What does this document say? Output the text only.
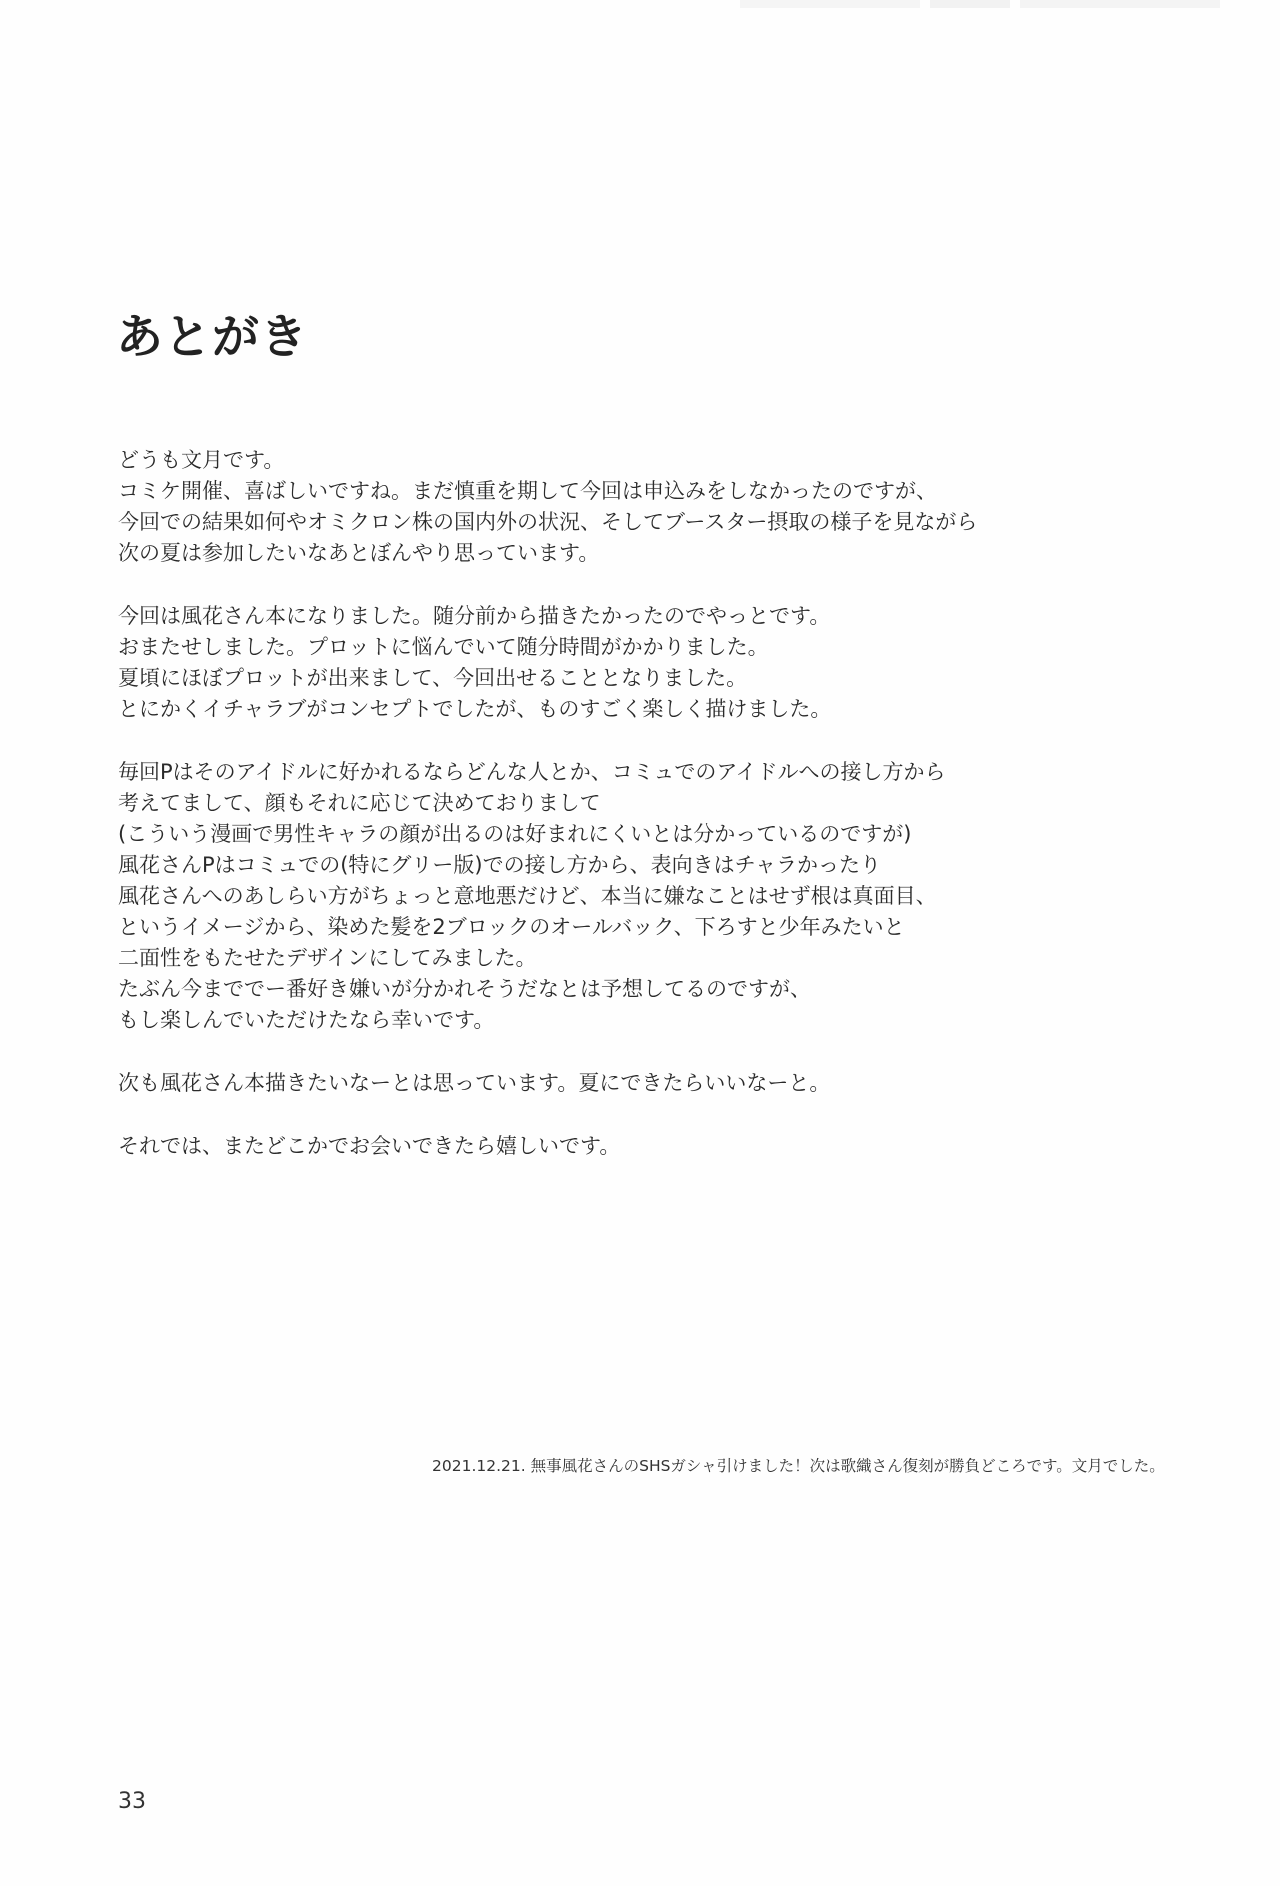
あとがき

どうも文月です。
コミケ開催、喜ばしいですね。まだ慎重を期して今回は申込みをしなかったのですが、
今回での結果如何やオミクロン株の国内外の状況、そしてブースター摂取の様子を見ながら
次の夏は参加したいなあとぼんやり思っています。

今回は風花さん本になりました。随分前から描きたかったのでやっとです。
おまたせしました。プロットに悩んでいて随分時間がかかりました。
夏頃にほぼプロットが出来まして、今回出せることとなりました。
とにかくイチャラブがコンセプトでしたが、ものすごく楽しく描けました。

毎回Pはそのアイドルに好かれるならどんな人とか、コミュでのアイドルへの接し方から
考えてまして、顔もそれに応じて決めておりまして
(こういう漫画で男性キャラの顔が出るのは好まれにくいとは分かっているのですが)
風花さんPはコミュでの(特にグリー版)での接し方から、表向きはチャラかったり
風花さんへのあしらい方がちょっと意地悪だけど、本当に嫌なことはせず根は真面目、
というイメージから、染めた髪を2ブロックのオールバック、下ろすと少年みたいと
二面性をもたせたデザインにしてみました。
たぶん今まででー番好き嫌いが分かれそうだなとは予想してるのですが、
もし楽しんでいただけたなら幸いです。

次も風花さん本描きたいなーとは思っています。夏にできたらいいなーと。

それでは、またどこかでお会いできたら嬉しいです。

2021.12.21. 無事風花さんのSHSガシャ引けました！次は歌織さん復刻が勝負どころです。文月でした。
33
